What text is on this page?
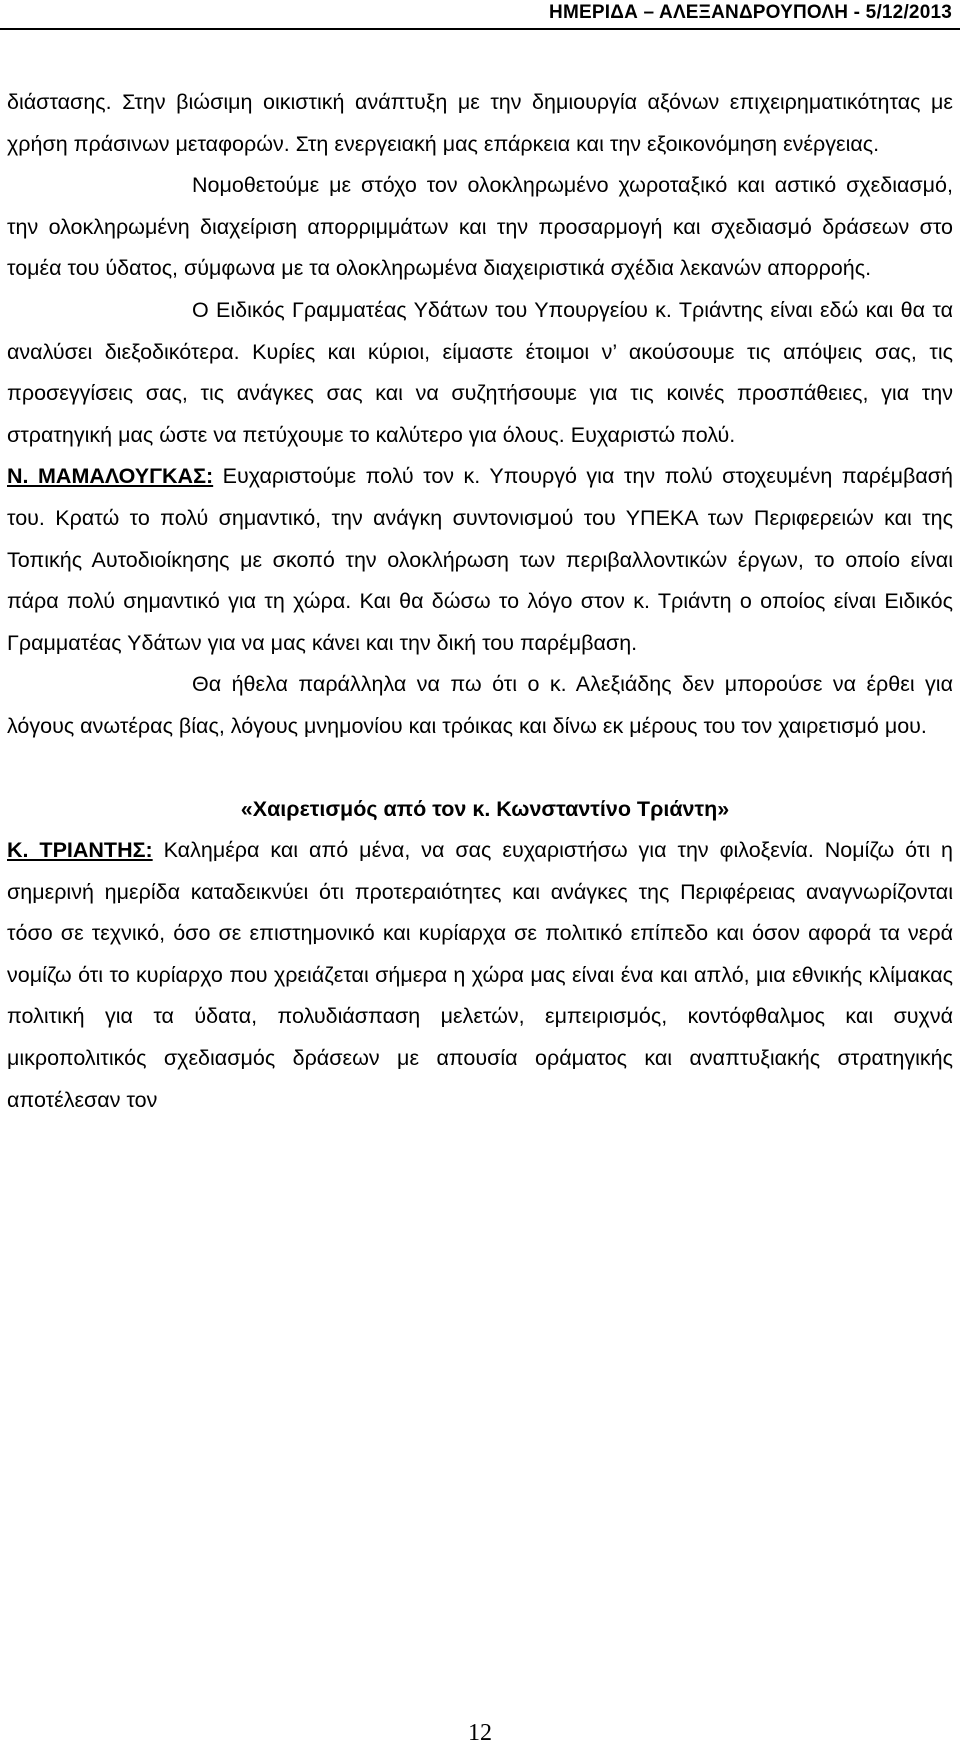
ΗΜΕΡΙΔΑ – ΑΛΕΞΑΝΔΡΟΥΠΟΛΗ - 5/12/2013

διάστασης. Στην βιώσιμη οικιστική ανάπτυξη με την δημιουργία αξόνων επιχειρηματικότητας με χρήση πράσινων μεταφορών. Στη ενεργειακή μας επάρκεια και την εξοικονόμηση ενέργειας.

Νομοθετούμε με στόχο τον ολοκληρωμένο χωροταξικό και αστικό σχεδιασμό, την ολοκληρωμένη διαχείριση απορριμμάτων και την προσαρμογή και σχεδιασμό δράσεων στο τομέα του ύδατος, σύμφωνα με τα ολοκληρωμένα διαχειριστικά σχέδια λεκανών απορροής.

Ο Ειδικός Γραμματέας Υδάτων του Υπουργείου κ. Τριάντης είναι εδώ και θα τα αναλύσει διεξοδικότερα. Κυρίες και κύριοι, είμαστε έτοιμοι ν’ ακούσουμε τις απόψεις σας, τις προσεγγίσεις σας, τις ανάγκες σας και να συζητήσουμε για τις κοινές προσπάθειες, για την στρατηγική μας ώστε να πετύχουμε το καλύτερο για όλους. Ευχαριστώ πολύ.

Ν. ΜΑΜΑΛΟΥΓΚΑΣ: Ευχαριστούμε πολύ τον κ. Υπουργό για την πολύ στοχευμένη παρέμβασή του. Κρατώ το πολύ σημαντικό, την ανάγκη συντονισμού του ΥΠΕΚΑ των Περιφερειών και της Τοπικής Αυτοδιοίκησης με σκοπό την ολοκλήρωση των περιβαλλοντικών έργων, το οποίο είναι πάρα πολύ σημαντικό για τη χώρα. Και θα δώσω το λόγο στον κ. Τριάντη ο οποίος είναι Ειδικός Γραμματέας Υδάτων για να μας κάνει και την δική του παρέμβαση.

Θα ήθελα παράλληλα να πω ότι ο κ. Αλεξιάδης δεν μπορούσε να έρθει για λόγους ανωτέρας βίας, λόγους μνημονίου και τρόικας και δίνω εκ μέρους του τον χαιρετισμό μου.

«Χαιρετισμός από τον κ. Κωνσταντίνο Τριάντη»

Κ. ΤΡΙΑΝΤΗΣ: Καλημέρα και από μένα, να σας ευχαριστήσω για την φιλοξενία. Νομίζω ότι η σημερινή ημερίδα καταδεικνύει ότι προτεραιότητες και ανάγκες της Περιφέρειας αναγνωρίζονται τόσο σε τεχνικό, όσο σε επιστημονικό και κυρίαρχα σε πολιτικό επίπεδο και όσον αφορά τα νερά νομίζω ότι το κυρίαρχο που χρειάζεται σήμερα η χώρα μας είναι ένα και απλό, μια εθνικής κλίμακας πολιτική για τα ύδατα, πολυδιάσπαση μελετών, εμπειρισμός, κοντόφθαλμος και συχνά μικροπολιτικός σχεδιασμός δράσεων με απουσία οράματος και αναπτυξιακής στρατηγικής αποτέλεσαν τον

12
